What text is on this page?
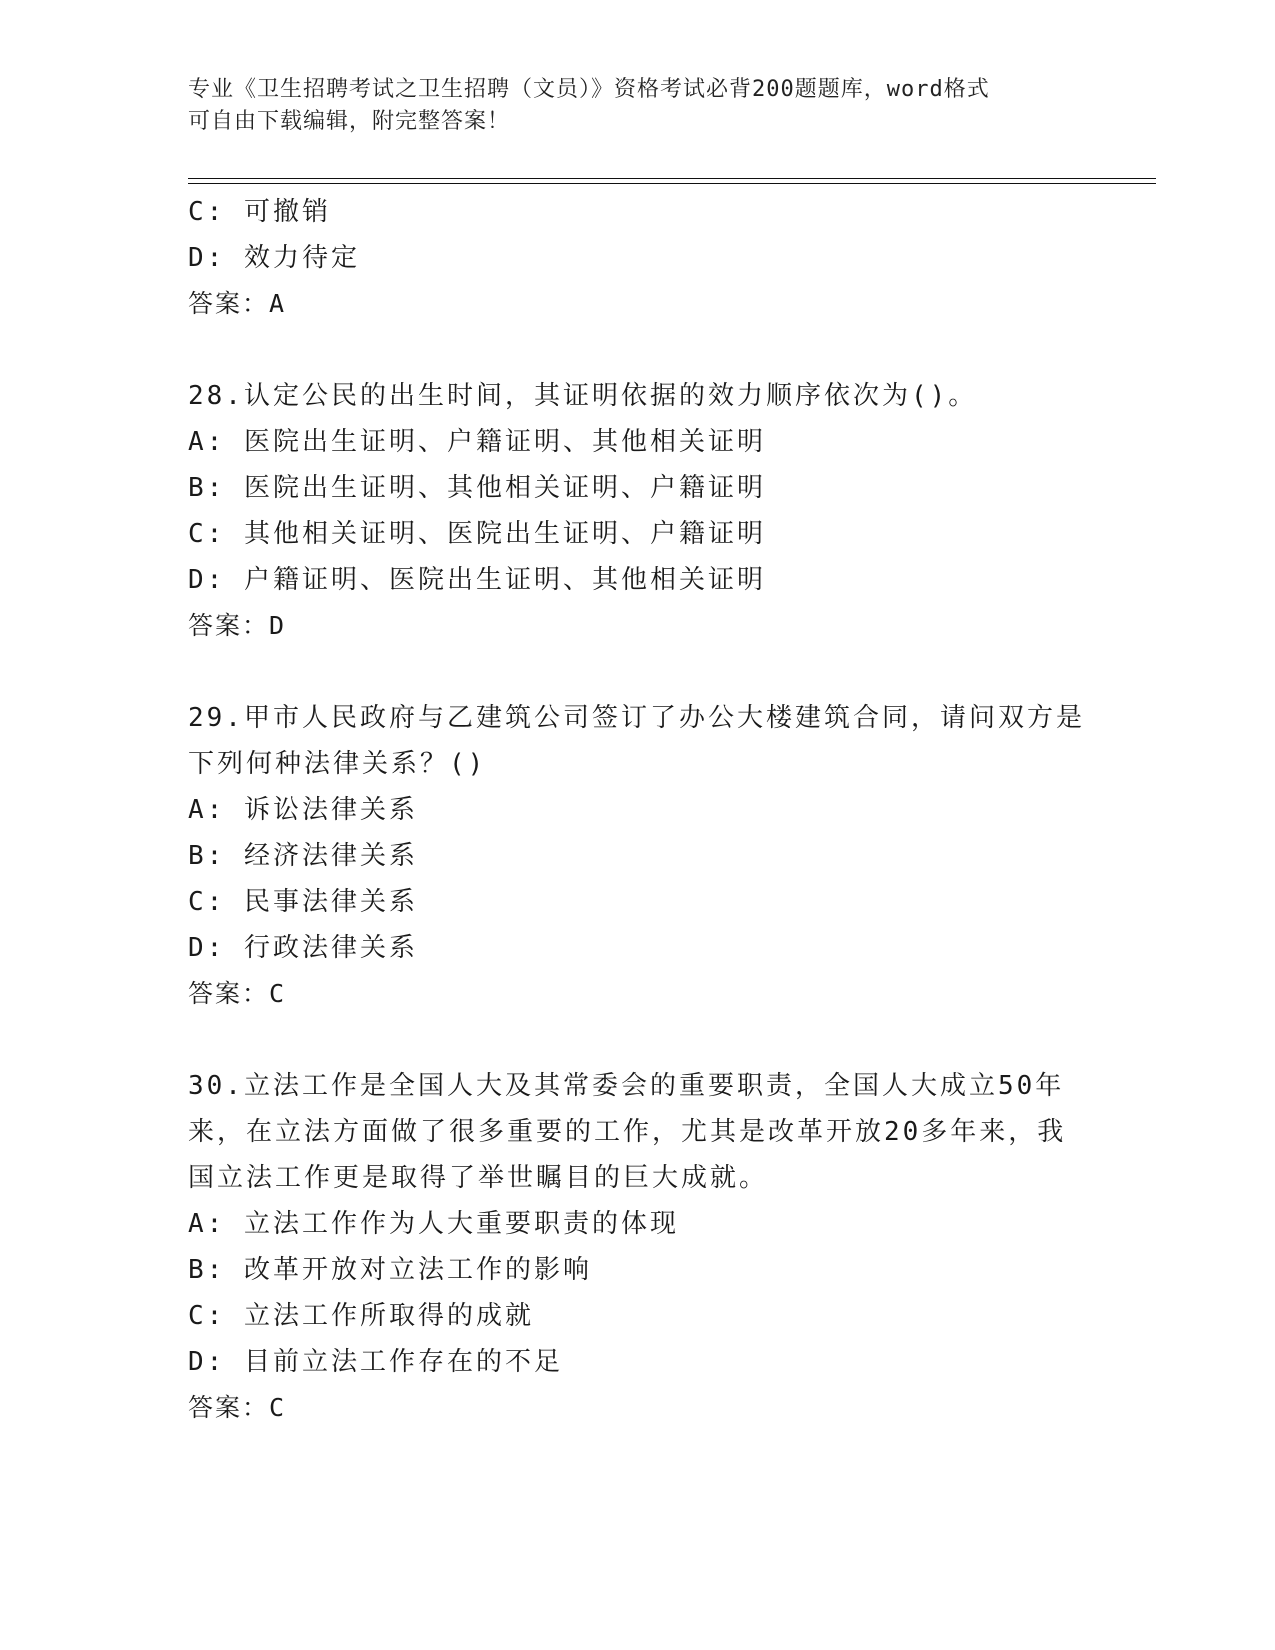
专业《卫生招聘考试之卫生招聘（文员）》资格考试必背200题题库，word格式
可自由下载编辑，附完整答案！
C: 可撤销
D: 效力待定
答案：A
28.认定公民的出生时间，其证明依据的效力顺序依次为()。
A: 医院出生证明、户籍证明、其他相关证明
B: 医院出生证明、其他相关证明、户籍证明
C: 其他相关证明、医院出生证明、户籍证明
D: 户籍证明、医院出生证明、其他相关证明
答案：D
29.甲市人民政府与乙建筑公司签订了办公大楼建筑合同，请问双方是
下列何种法律关系？()
A: 诉讼法律关系
B: 经济法律关系
C: 民事法律关系
D: 行政法律关系
答案：C
30.立法工作是全国人大及其常委会的重要职责，全国人大成立50年
来，在立法方面做了很多重要的工作，尤其是改革开放20多年来，我
国立法工作更是取得了举世瞩目的巨大成就。
A: 立法工作作为人大重要职责的体现
B: 改革开放对立法工作的影响
C: 立法工作所取得的成就
D: 目前立法工作存在的不足
答案：C
